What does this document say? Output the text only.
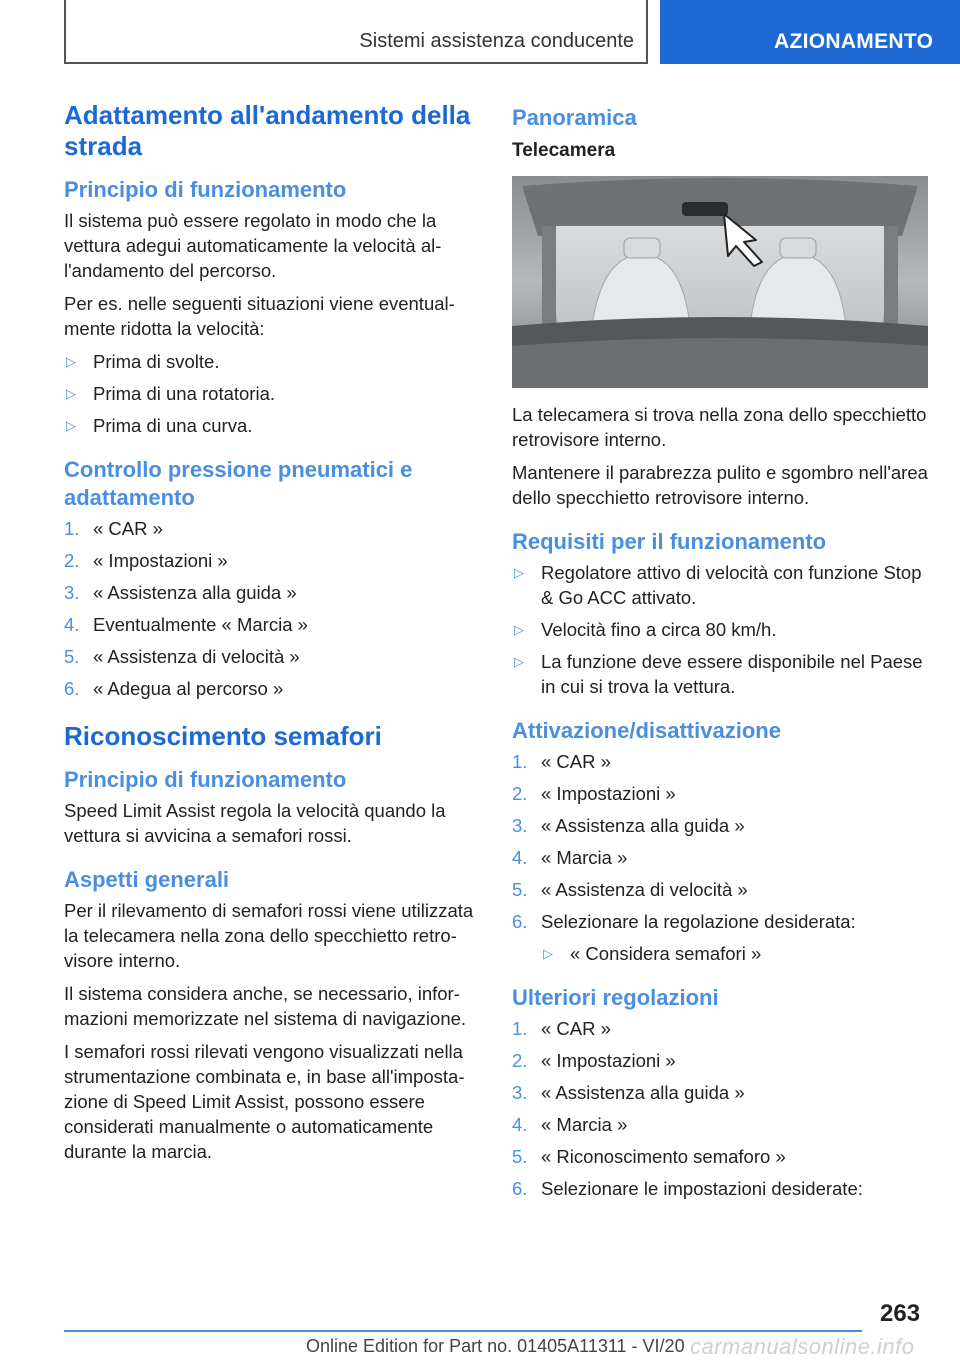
Sistemi assistenza conducente	AZIONAMENTO
Adattamento all'andamento della strada
Principio di funzionamento

Il sistema può essere regolato in modo che la vettura adegui automaticamente la velocità all'andamento del percorso.

Per es. nelle seguenti situazioni viene eventualmente ridotta la velocità:

▷ Prima di svolte.
▷ Prima di una rotatoria.
▷ Prima di una curva.
Controllo pressione pneumatici e adattamento
1. « CAR »
2. « Impostazioni »
3. « Assistenza alla guida »
4. Eventualmente « Marcia »
5. « Assistenza di velocità »
6. « Adegua al percorso »
Riconoscimento semafori
Principio di funzionamento

Speed Limit Assist regola la velocità quando la vettura si avvicina a semafori rossi.

Aspetti generali

Per il rilevamento di semafori rossi viene utilizzata la telecamera nella zona dello specchietto retrovisore interno.

Il sistema considera anche, se necessario, informazioni memorizzate nel sistema di navigazione.

I semafori rossi rilevati vengono visualizzati nella strumentazione combinata e, in base all'impostazione di Speed Limit Assist, possono essere considerati manualmente o automaticamente durante la marcia.

Panoramica
Telecamera

La telecamera si trova nella zona dello specchietto retrovisore interno.

Mantenere il parabrezza pulito e sgombro nell'area dello specchietto retrovisore interno.

Requisiti per il funzionamento
▷ Regolatore attivo di velocità con funzione Stop & Go ACC attivato.
▷ Velocità fino a circa 80 km/h.
▷ La funzione deve essere disponibile nel Paese in cui si trova la vettura.
Attivazione/disattivazione
1. « CAR »
2. « Impostazioni »
3. « Assistenza alla guida »
4. « Marcia »
5. « Assistenza di velocità »
6. Selezionare la regolazione desiderata:
▷ « Considera semafori »
Ulteriori regolazioni
1. « CAR »
2. « Impostazioni »
3. « Assistenza alla guida »
4. « Marcia »
5. « Riconoscimento semaforo »
6. Selezionare le impostazioni desiderate:
263
Online Edition for Part no. 01405A11311 - VI/20 carmanualsonline.info
